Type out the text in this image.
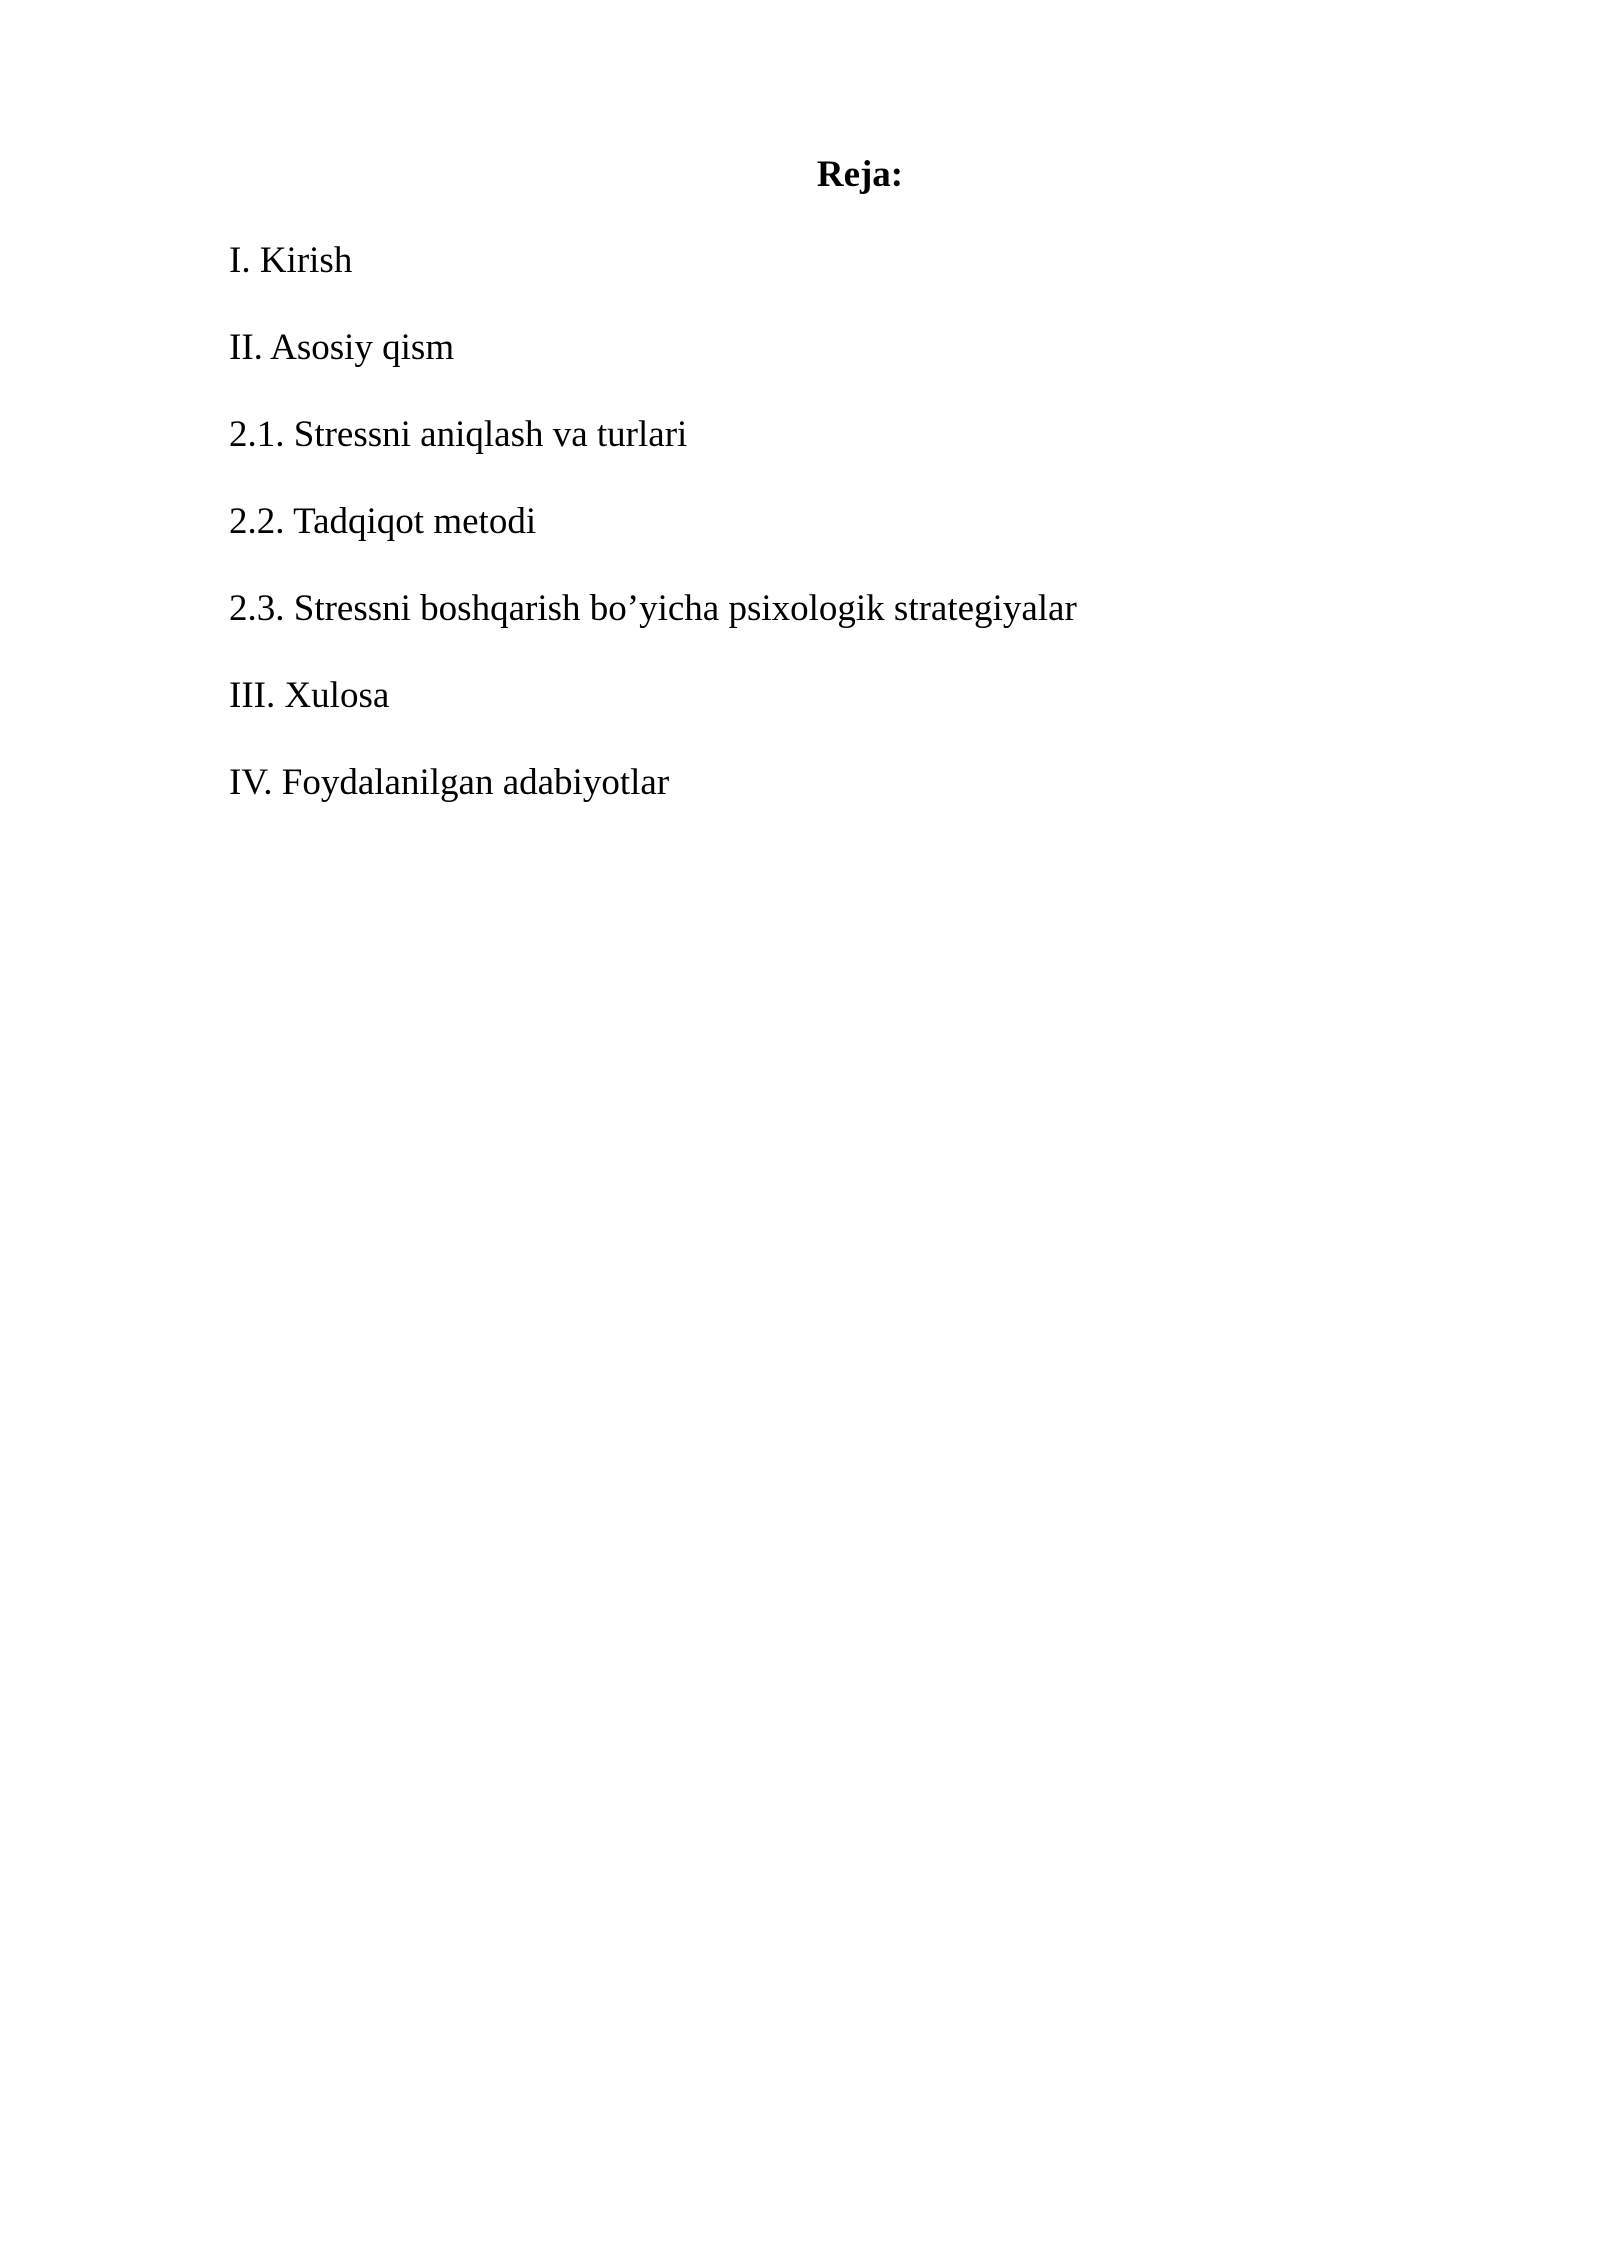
Reja:
I. Kirish
II. Asosiy qism
2.1. Stressni aniqlash va turlari
2.2. Tadqiqot metodi
2.3. Stressni boshqarish bo’yicha psixologik strategiyalar
III. Xulosa
IV. Foydalanilgan adabiyotlar
